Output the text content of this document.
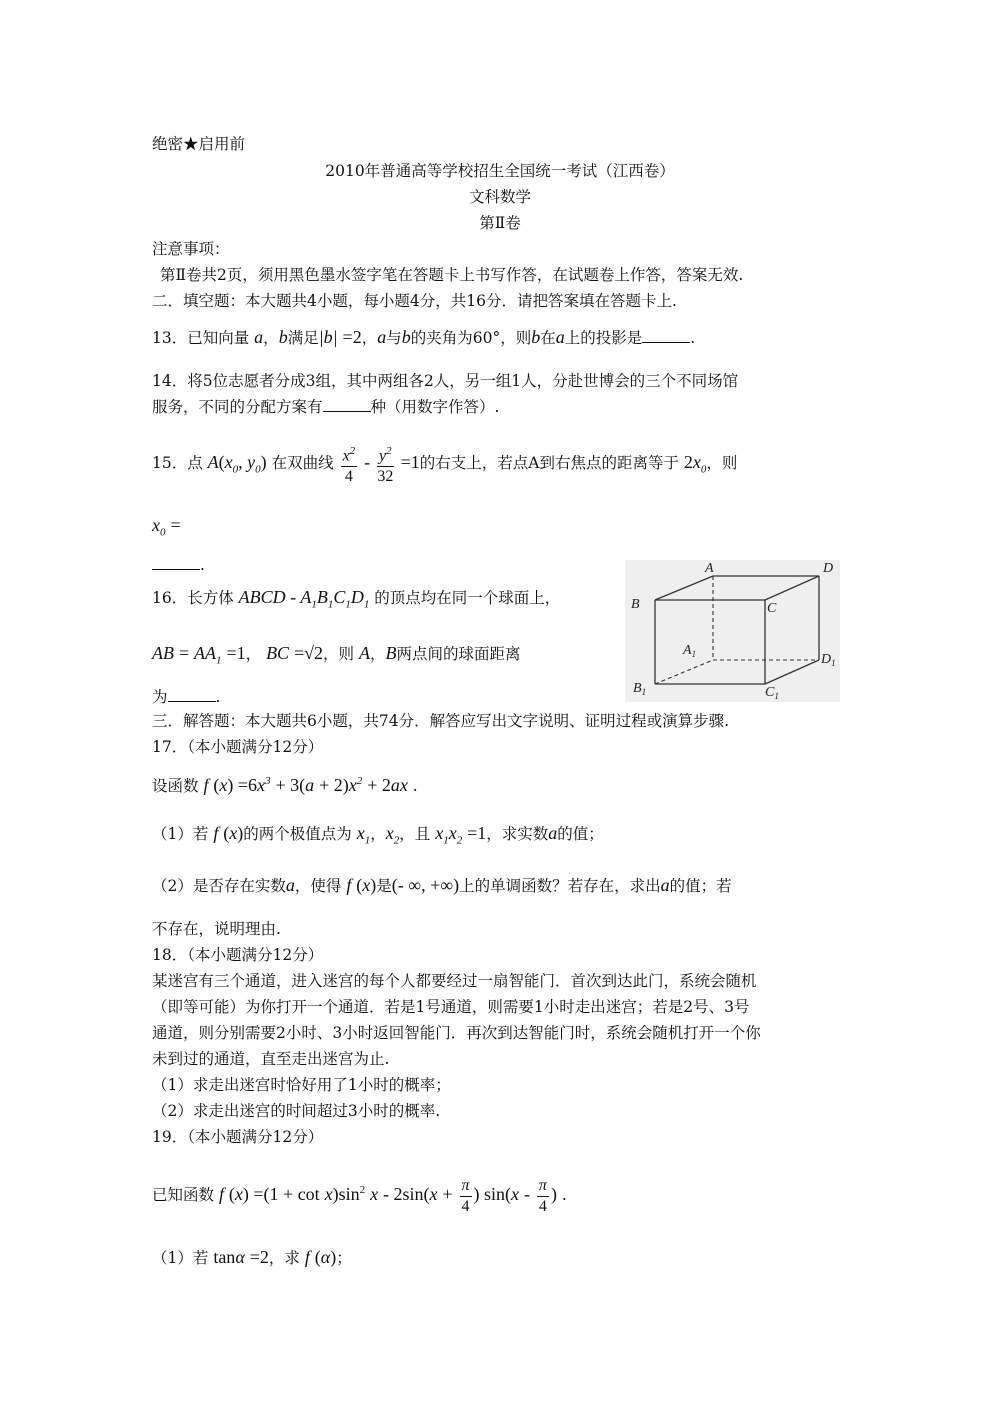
绝密★启用前
2010年普通高等学校招生全国统一考试（江西卷）
文科数学
第Ⅱ卷
注意事项：
第Ⅱ卷共2页，须用黑色墨水签字笔在答题卡上书写作答，在试题卷上作答，答案无效.
二．填空题：本大题共4小题，每小题4分，共16分．请把答案填在答题卡上.
13．已知向量 a，b满足|b| =2，a与b的夹角为60°，则b在a上的投影是	.
14．将5位志愿者分成3组，其中两组各2人，另一组1人，分赴世博会的三个不同场馆
服务，不同的分配方案有	种（用数字作答）.
15．点 $A(x_0$, $y_0$) 在双曲线 $\frac{x^2}{4} - \frac{y^2}{32} =1$的右支上，若点A到右焦点的距离等于 $2x_0$，则
$x_0$ =
.
16．长方体 ABCD - $A_1B_1C_1D_1$ 的顶点均在同一个球面上，
AB = $AA_1 =1$， BC =√2，则 A，B两点间的球面距离
为	.
A	D
B	C
$A_1$	$D_1$
$B_1$	$C_1$
三．解答题：本大题共6小题，共74分．解答应写出文字说明、证明过程或演算步骤.
17．（本小题满分12分）
设函数 f $(x) =6x^3 + 3(a + 2)x^2 + 2ax$ .
（1）若 f (x)的两个极值点为 $x_1$，$x_2$，且 $x_1x_2 =1$，求实数a的值；
（2）是否存在实数a，使得 f (x)是(- ∞, +∞)上的单调函数？若存在，求出a的值；若
不存在，说明理由.
18．（本小题满分12分）
某迷宫有三个通道，进入迷宫的每个人都要经过一扇智能门．首次到达此门，系统会随机
（即等可能）为你打开一个通道．若是1号通道，则需要1小时走出迷宫；若是2号、3号
通道，则分别需要2小时、3小时返回智能门．再次到达智能门时，系统会随机打开一个你
未到过的通道，直至走出迷宫为止.
（1）求走出迷宫时恰好用了1小时的概率；
（2）求走出迷宫的时间超过3小时的概率.
19．（本小题满分12分）
已知函数 f $(x) =(1 + \cot x)\sin^2$ $x - 2\sin(x + \frac{\pi}{4}$ ) $\sin(x - \frac{\pi}{4}$ ) .
（1）若 tanα =2，求 f (α)；
